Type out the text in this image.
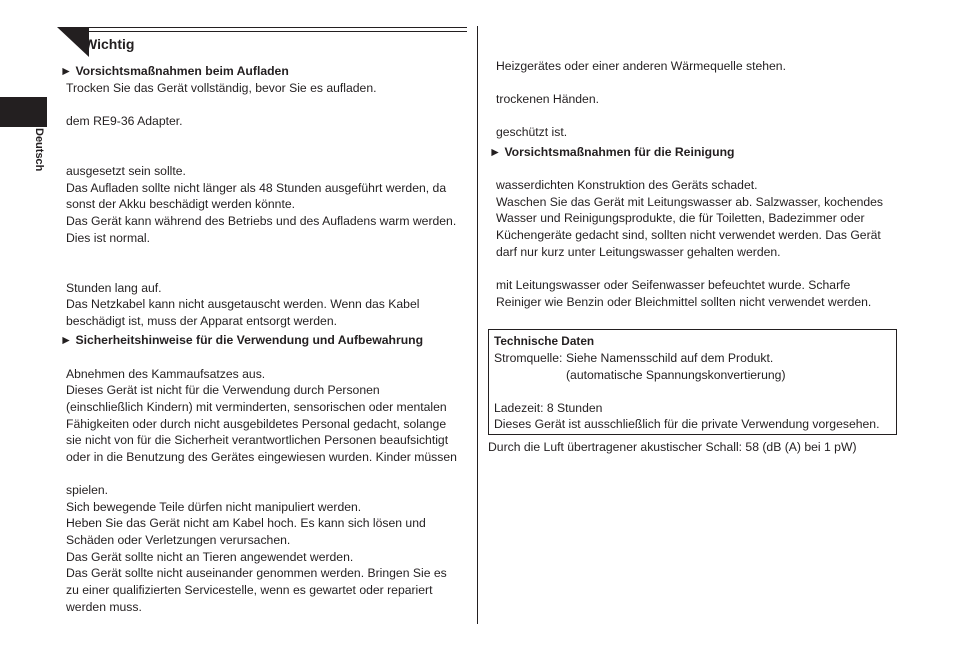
Deutsch
Wichtig
► Vorsichtsmaßnahmen beim Aufladen
Trocken Sie das Gerät vollständig, bevor Sie es aufladen.
dem RE9-36 Adapter.
ausgesetzt sein sollte.
Das Aufladen sollte nicht länger als 48 Stunden ausgeführt werden, da
sonst der Akku beschädigt werden könnte.
Das Gerät kann während des Betriebs und des Aufladens warm werden.
Dies ist normal.
Stunden lang auf.
Das Netzkabel kann nicht ausgetauscht werden. Wenn das Kabel
beschädigt ist, muss der Apparat entsorgt werden.
► Sicherheitshinweise für die Verwendung und Aufbewahrung
Abnehmen des Kammaufsatzes aus.
Dieses Gerät ist nicht für die Verwendung durch Personen
(einschließlich Kindern) mit verminderten, sensorischen oder mentalen
Fähigkeiten oder durch nicht ausgebildetes Personal gedacht, solange
sie nicht von für die Sicherheit verantwortlichen Personen beaufsichtigt
oder in die Benutzung des Gerätes eingewiesen wurden. Kinder müssen
spielen.
Sich bewegende Teile dürfen nicht manipuliert werden.
Heben Sie das Gerät nicht am Kabel hoch. Es kann sich lösen und
Schäden oder Verletzungen verursachen.
Das Gerät sollte nicht an Tieren angewendet werden.
Das Gerät sollte nicht auseinander genommen werden. Bringen Sie es
zu einer qualifizierten Servicestelle, wenn es gewartet oder repariert
werden muss.
Heizgerätes oder einer anderen Wärmequelle stehen.
trockenen Händen.
geschützt ist.
► Vorsichtsmaßnahmen für die Reinigung
wasserdichten Konstruktion des Geräts schadet.
Waschen Sie das Gerät mit Leitungswasser ab. Salzwasser, kochendes
Wasser und Reinigungsprodukte, die für Toiletten, Badezimmer oder
Küchengeräte gedacht sind, sollten nicht verwendet werden. Das Gerät
darf nur kurz unter Leitungswasser gehalten werden.
mit Leitungswasser oder Seifenwasser befeuchtet wurde. Scharfe
Reiniger wie Benzin oder Bleichmittel sollten nicht verwendet werden.
Technische Daten
Stromquelle: Siehe Namensschild auf dem Produkt.
(automatische Spannungskonvertierung)
Ladezeit: 8 Stunden
Dieses Gerät ist ausschließlich für die private Verwendung vorgesehen.
Durch die Luft übertragener akustischer Schall: 58 (dB (A) bei 1 pW)
